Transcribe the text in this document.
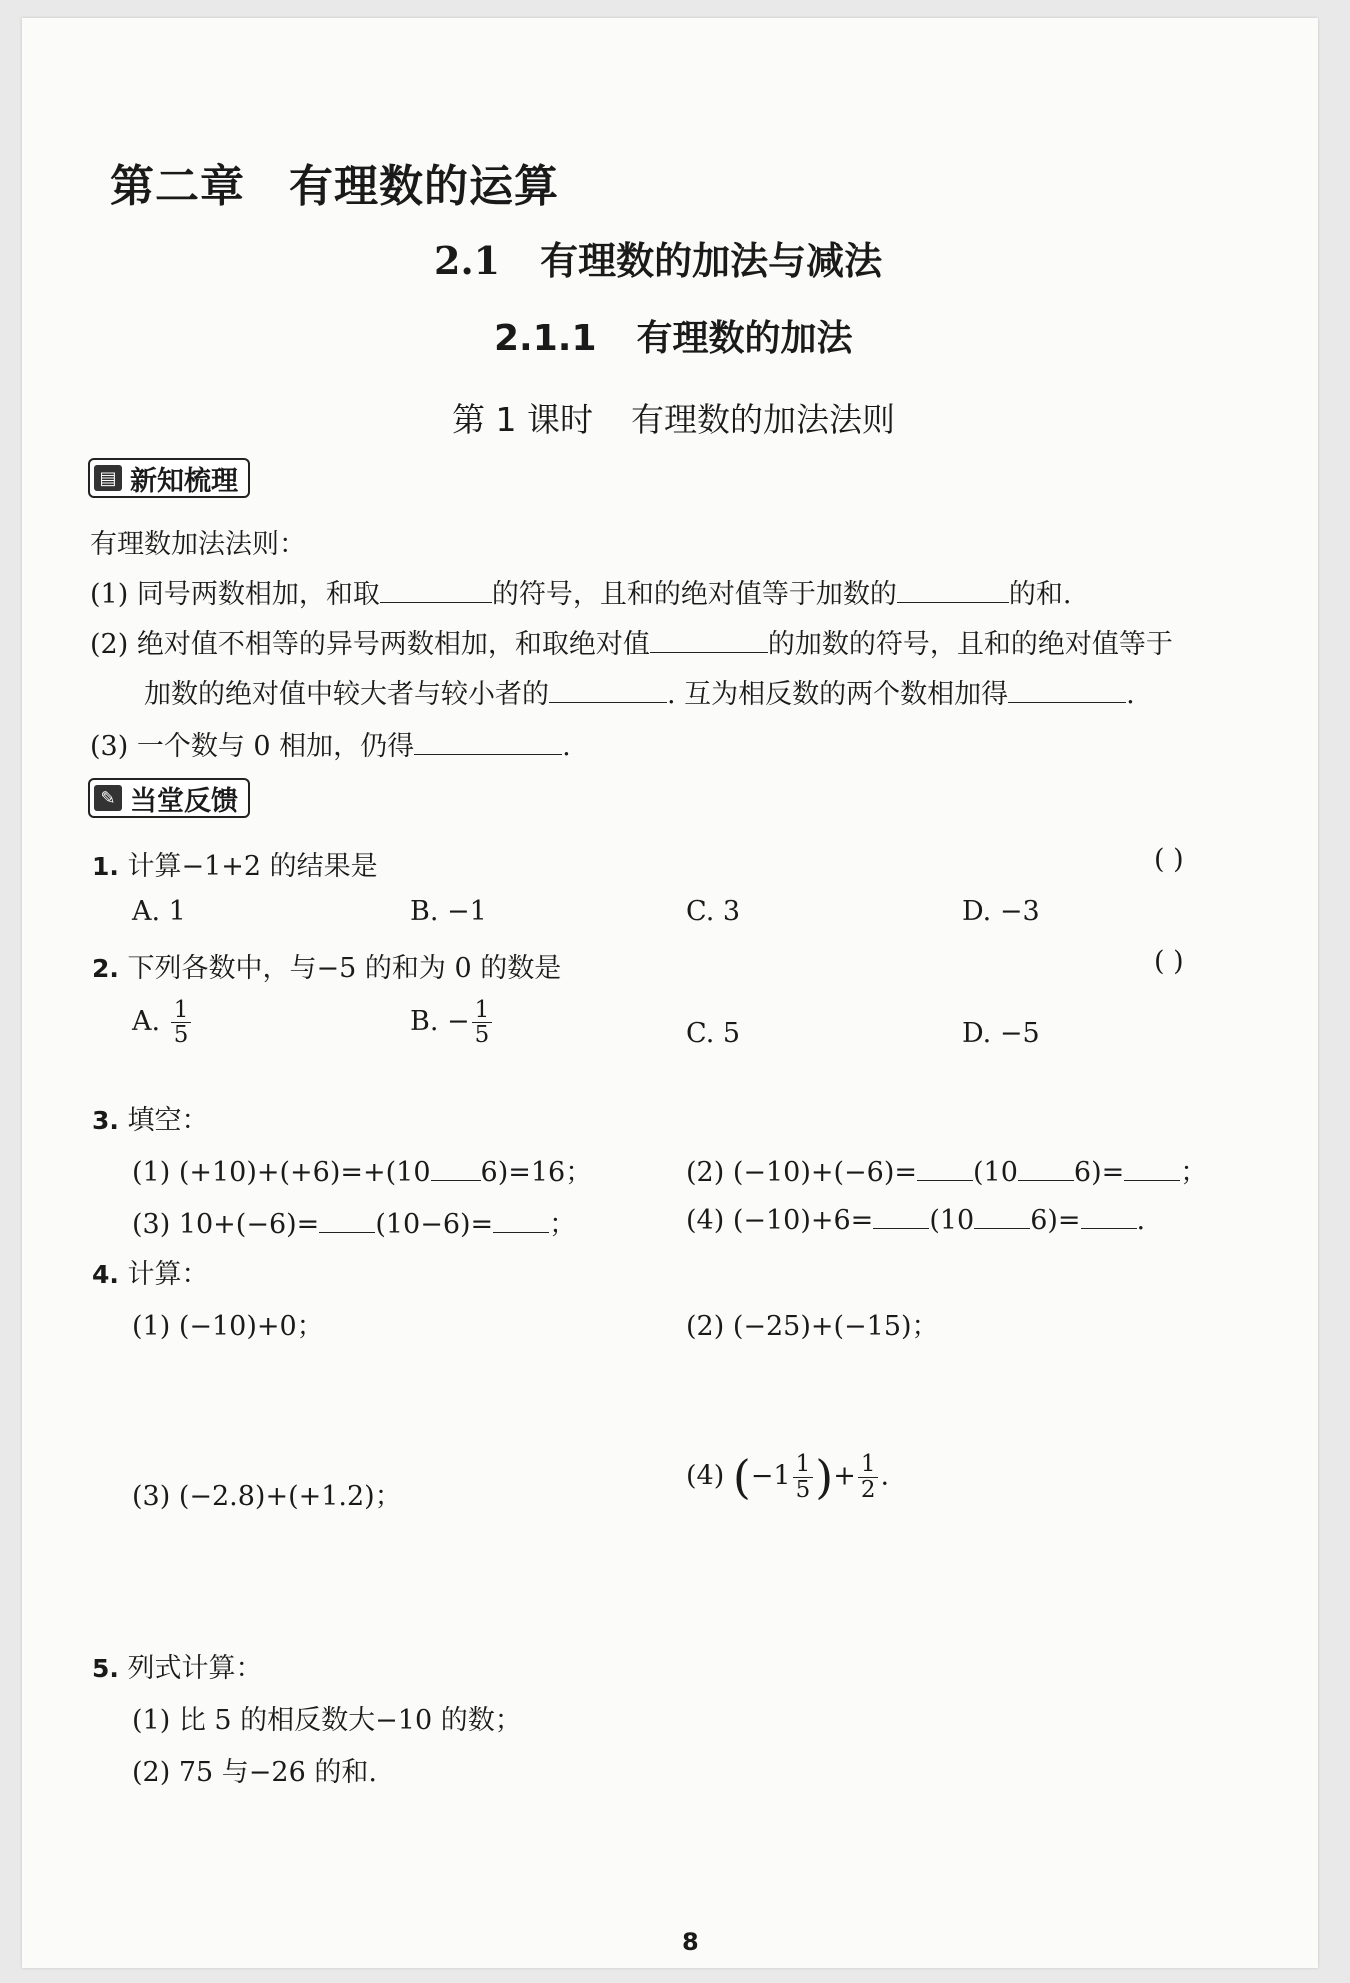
第二章 有理数的运算
2.1 有理数的加法与减法
2.1.1 有理数的加法
第 1 课时 有理数的加法法则
▤ 新知梳理
有理数加法法则：
(1) 同号两数相加，和取	的符号，且和的绝对值等于加数的	的和.
(2) 绝对值不相等的异号两数相加，和取绝对值	的加数的符号，且和的绝对值等于
加数的绝对值中较大者与较小者的	. 互为相反数的两个数相加得	.
(3) 一个数与 0 相加，仍得	.
✎ 当堂反馈
1. 计算−1+2 的结果是	( )
A. 1	B. −1	C. 3	D. −3
2. 下列各数中，与−5 的和为 0 的数是	( )
A. $\frac{1}{5}$	B. − $\frac{1}{5}$	C. 5	D. −5
3. 填空：
(1) (+10)+(+6)=+(10 6)=16；	(2) (−10)+(−6)= (10 6)= ；
(3) 10+(−6)= (10−6)= ；	(4) (−10)+6= (10 6)= .
4. 计算：
(1) (−10)+0；	(2) (−25)+(−15)；
(3) (−2.8)+(+1.2)；
(4) ($-1 \frac{1}{5}$ )+ $\frac{1}{2}$ .
5. 列式计算：
(1) 比 5 的相反数大−10 的数；
(2) 75 与−26 的和.
8
